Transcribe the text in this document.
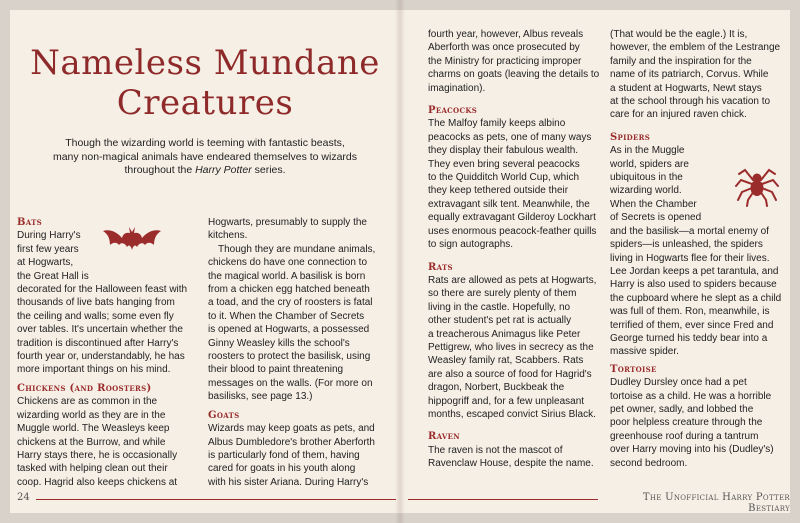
Nameless Mundane
Creatures
Though the wizarding world is teeming with fantastic beasts,
many non-magical animals have endeared themselves to wizards
throughout the Harry Potter series.

Bats

During Harry's

first few years

at Hogwarts,

the Great Hall is

decorated for the Halloween feast with

thousands of live bats hanging from

the ceiling and walls; some even fly

over tables. It's uncertain whether the

tradition is discontinued after Harry's

fourth year or, understandably, he has

more important things on his mind.

Chickens (and Roosters)

Chickens are as common in the

wizarding world as they are in the

Muggle world. The Weasleys keep

chickens at the Burrow, and while

Harry stays there, he is occasionally

tasked with helping clean out their

coop. Hagrid also keeps chickens at

Hogwarts, presumably to supply the

kitchens.

Though they are mundane animals,

chickens do have one connection to

the magical world. A basilisk is born

from a chicken egg hatched beneath

a toad, and the cry of roosters is fatal

to it. When the Chamber of Secrets

is opened at Hogwarts, a possessed

Ginny Weasley kills the school's

roosters to protect the basilisk, using

their blood to paint threatening

messages on the walls. (For more on

basilisks, see page 13.)

Goats

Wizards may keep goats as pets, and

Albus Dumbledore's brother Aberforth

is particularly fond of them, having

cared for goats in his youth along

with his sister Ariana. During Harry's

24

fourth year, however, Albus reveals

Aberforth was once prosecuted by

the Ministry for practicing improper

charms on goats (leaving the details to

imagination).

Peacocks

The Malfoy family keeps albino

peacocks as pets, one of many ways

they display their fabulous wealth.

They even bring several peacocks

to the Quidditch World Cup, which

they keep tethered outside their

extravagant silk tent. Meanwhile, the

equally extravagant Gilderoy Lockhart

uses enormous peacock-feather quills

to sign autographs.

Rats

Rats are allowed as pets at Hogwarts,

so there are surely plenty of them

living in the castle. Hopefully, no

other student's pet rat is actually

a treacherous Animagus like Peter

Pettigrew, who lives in secrecy as the

Weasley family rat, Scabbers. Rats

are also a source of food for Hagrid's

dragon, Norbert, Buckbeak the

hippogriff and, for a few unpleasant

months, escaped convict Sirius Black.

Raven

The raven is not the mascot of

Ravenclaw House, despite the name.

(That would be the eagle.) It is,

however, the emblem of the Lestrange

family and the inspiration for the

name of its patriarch, Corvus. While

a student at Hogwarts, Newt stays

at the school through his vacation to

care for an injured raven chick.

Spiders

As in the Muggle

world, spiders are

ubiquitous in the

wizarding world.

When the Chamber

of Secrets is opened

and the basilisk—a mortal enemy of

spiders—is unleashed, the spiders

living in Hogwarts flee for their lives.

Lee Jordan keeps a pet tarantula, and

Harry is also used to spiders because

the cupboard where he slept as a child

was full of them. Ron, meanwhile, is

terrified of them, ever since Fred and

George turned his teddy bear into a

massive spider.

Tortoise

Dudley Dursley once had a pet

tortoise as a child. He was a horrible

pet owner, sadly, and lobbed the

poor helpless creature through the

greenhouse roof during a tantrum

over Harry moving into his (Dudley's)

second bedroom.

The Unofficial Harry Potter Bestiary
